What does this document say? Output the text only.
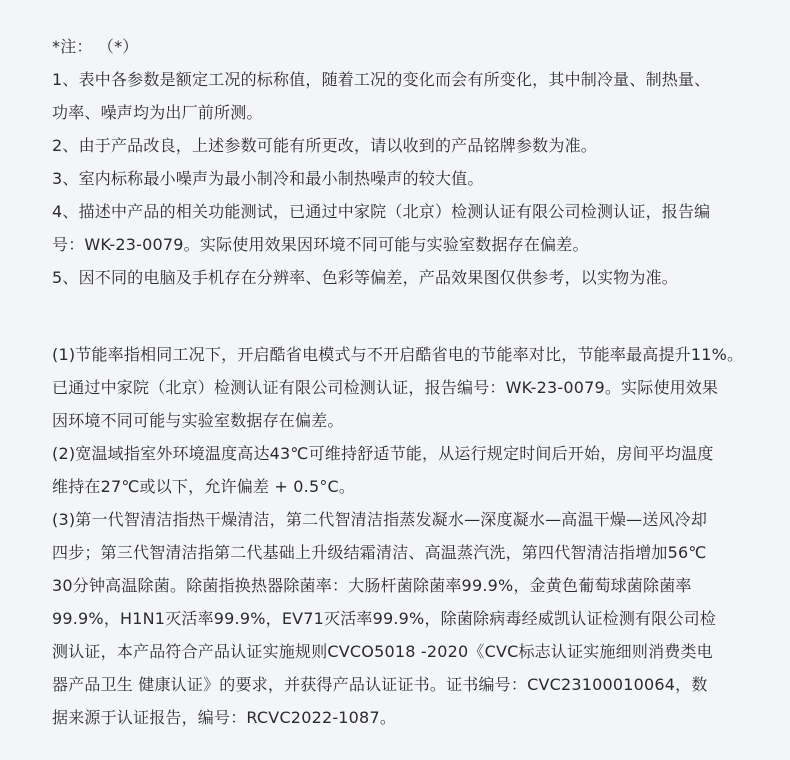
*注： （*）
1、表中各参数是额定工况的标称值，随着工况的变化而会有所变化，其中制冷量、制热量、
功率、噪声均为出厂前所测。
2、由于产品改良，上述参数可能有所更改，请以收到的产品铭牌参数为准。
3、室内标称最小噪声为最小制冷和最小制热噪声的较大值。
4、描述中产品的相关功能测试，已通过中家院（北京）检测认证有限公司检测认证，报告编
号：WK-23-0079。实际使用效果因环境不同可能与实验室数据存在偏差。
5、因不同的电脑及手机存在分辨率、色彩等偏差，产品效果图仅供参考，以实物为准。
(1)节能率指相同工况下，开启酷省电模式与不开启酷省电的节能率对比，节能率最高提升11%。
已通过中家院（北京）检测认证有限公司检测认证，报告编号：WK-23-0079。实际使用效果
因环境不同可能与实验室数据存在偏差。
(2)宽温域指室外环境温度高达43℃可维持舒适节能，从运行规定时间后开始，房间平均温度
维持在27℃或以下，允许偏差 + 0.5°C。
(3)第一代智清洁指热干燥清洁，第二代智清洁指蒸发凝水—深度凝水—高温干燥—送风冷却
四步；第三代智清洁指第二代基础上升级结霜清洁、高温蒸汽洗，第四代智清洁指增加56℃
30分钟高温除菌。除菌指换热器除菌率：大肠杆菌除菌率99.9%，金黄色葡萄球菌除菌率
99.9%，H1N1灭活率99.9%，EV71灭活率99.9%，除菌除病毒经威凯认证检测有限公司检
测认证，本产品符合产品认证实施规则CVCO5018 -2020《CVC标志认证实施细则消费类电
器产品卫生 健康认证》的要求，并获得产品认证证书。证书编号：CVC23100010064，数
据来源于认证报告，编号：RCVC2022-1087。
